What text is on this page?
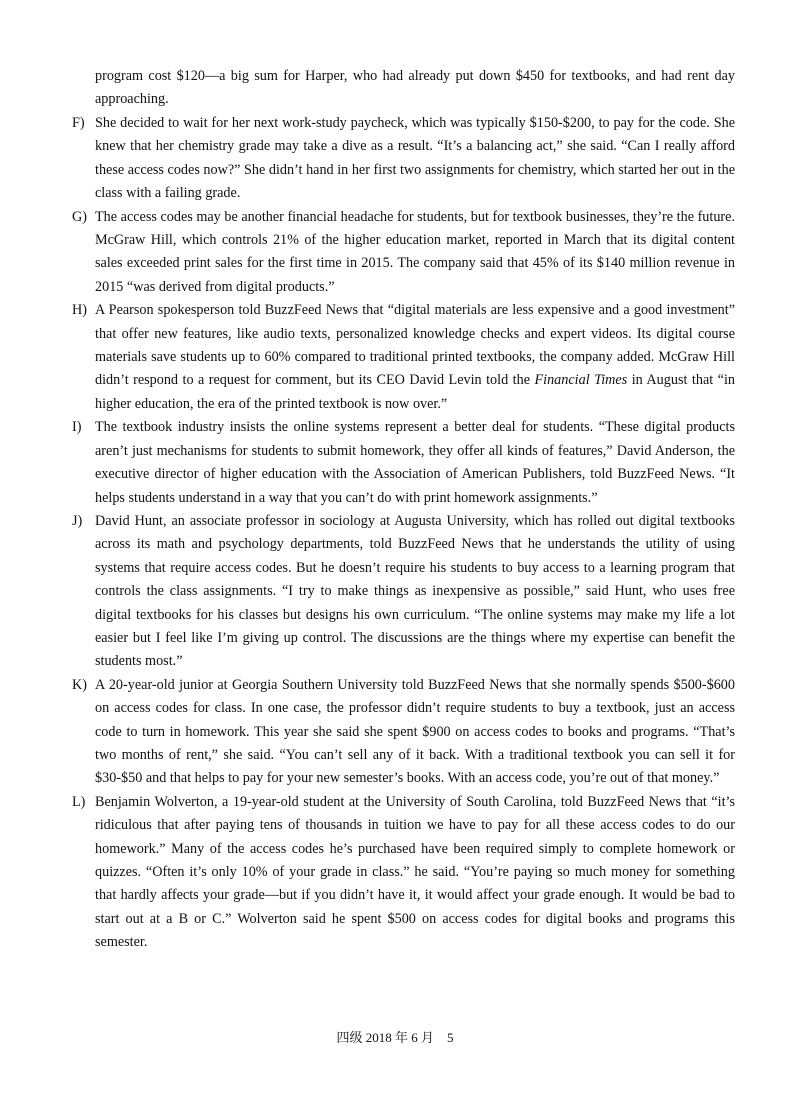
program cost $120—a big sum for Harper, who had already put down $450 for textbooks, and had rent day approaching.

F) She decided to wait for her next work-study paycheck, which was typically $150-$200, to pay for the code. She knew that her chemistry grade may take a dive as a result. “It’s a balancing act,” she said. “Can I really afford these access codes now?” She didn’t hand in her first two assignments for chemistry, which started her out in the class with a failing grade.
G) The access codes may be another financial headache for students, but for textbook businesses, they’re the future. McGraw Hill, which controls 21% of the higher education market, reported in March that its digital content sales exceeded print sales for the first time in 2015. The company said that 45% of its $140 million revenue in 2015 “was derived from digital products.”
H) A Pearson spokesperson told BuzzFeed News that “digital materials are less expensive and a good investment” that offer new features, like audio texts, personalized knowledge checks and expert videos. Its digital course materials save students up to 60% compared to traditional printed textbooks, the company added. McGraw Hill didn’t respond to a request for comment, but its CEO David Levin told the Financial Times in August that “in higher education, the era of the printed textbook is now over.”
I) The textbook industry insists the online systems represent a better deal for students. “These digital products aren’t just mechanisms for students to submit homework, they offer all kinds of features,” David Anderson, the executive director of higher education with the Association of American Publishers, told BuzzFeed News. “It helps students understand in a way that you can’t do with print homework assignments.”
J) David Hunt, an associate professor in sociology at Augusta University, which has rolled out digital textbooks across its math and psychology departments, told BuzzFeed News that he understands the utility of using systems that require access codes. But he doesn’t require his students to buy access to a learning program that controls the class assignments. “I try to make things as inexpensive as possible,” said Hunt, who uses free digital textbooks for his classes but designs his own curriculum. “The online systems may make my life a lot easier but I feel like I’m giving up control. The discussions are the things where my expertise can benefit the students most.”
K) A 20-year-old junior at Georgia Southern University told BuzzFeed News that she normally spends $500-$600 on access codes for class. In one case, the professor didn’t require students to buy a textbook, just an access code to turn in homework. This year she said she spent $900 on access codes to books and programs. “That’s two months of rent,” she said. “You can’t sell any of it back. With a traditional textbook you can sell it for $30-$50 and that helps to pay for your new semester’s books. With an access code, you’re out of that money.”
L) Benjamin Wolverton, a 19-year-old student at the University of South Carolina, told BuzzFeed News that “it’s ridiculous that after paying tens of thousands in tuition we have to pay for all these access codes to do our homework.” Many of the access codes he’s purchased have been required simply to complete homework or quizzes. “Often it’s only 10% of your grade in class.” he said. “You’re paying so much money for something that hardly affects your grade—but if you didn’t have it, it would affect your grade enough. It would be bad to start out at a B or C.” Wolverton said he spent $500 on access codes for digital books and programs this semester.
四级 2018 年 6 月 5
